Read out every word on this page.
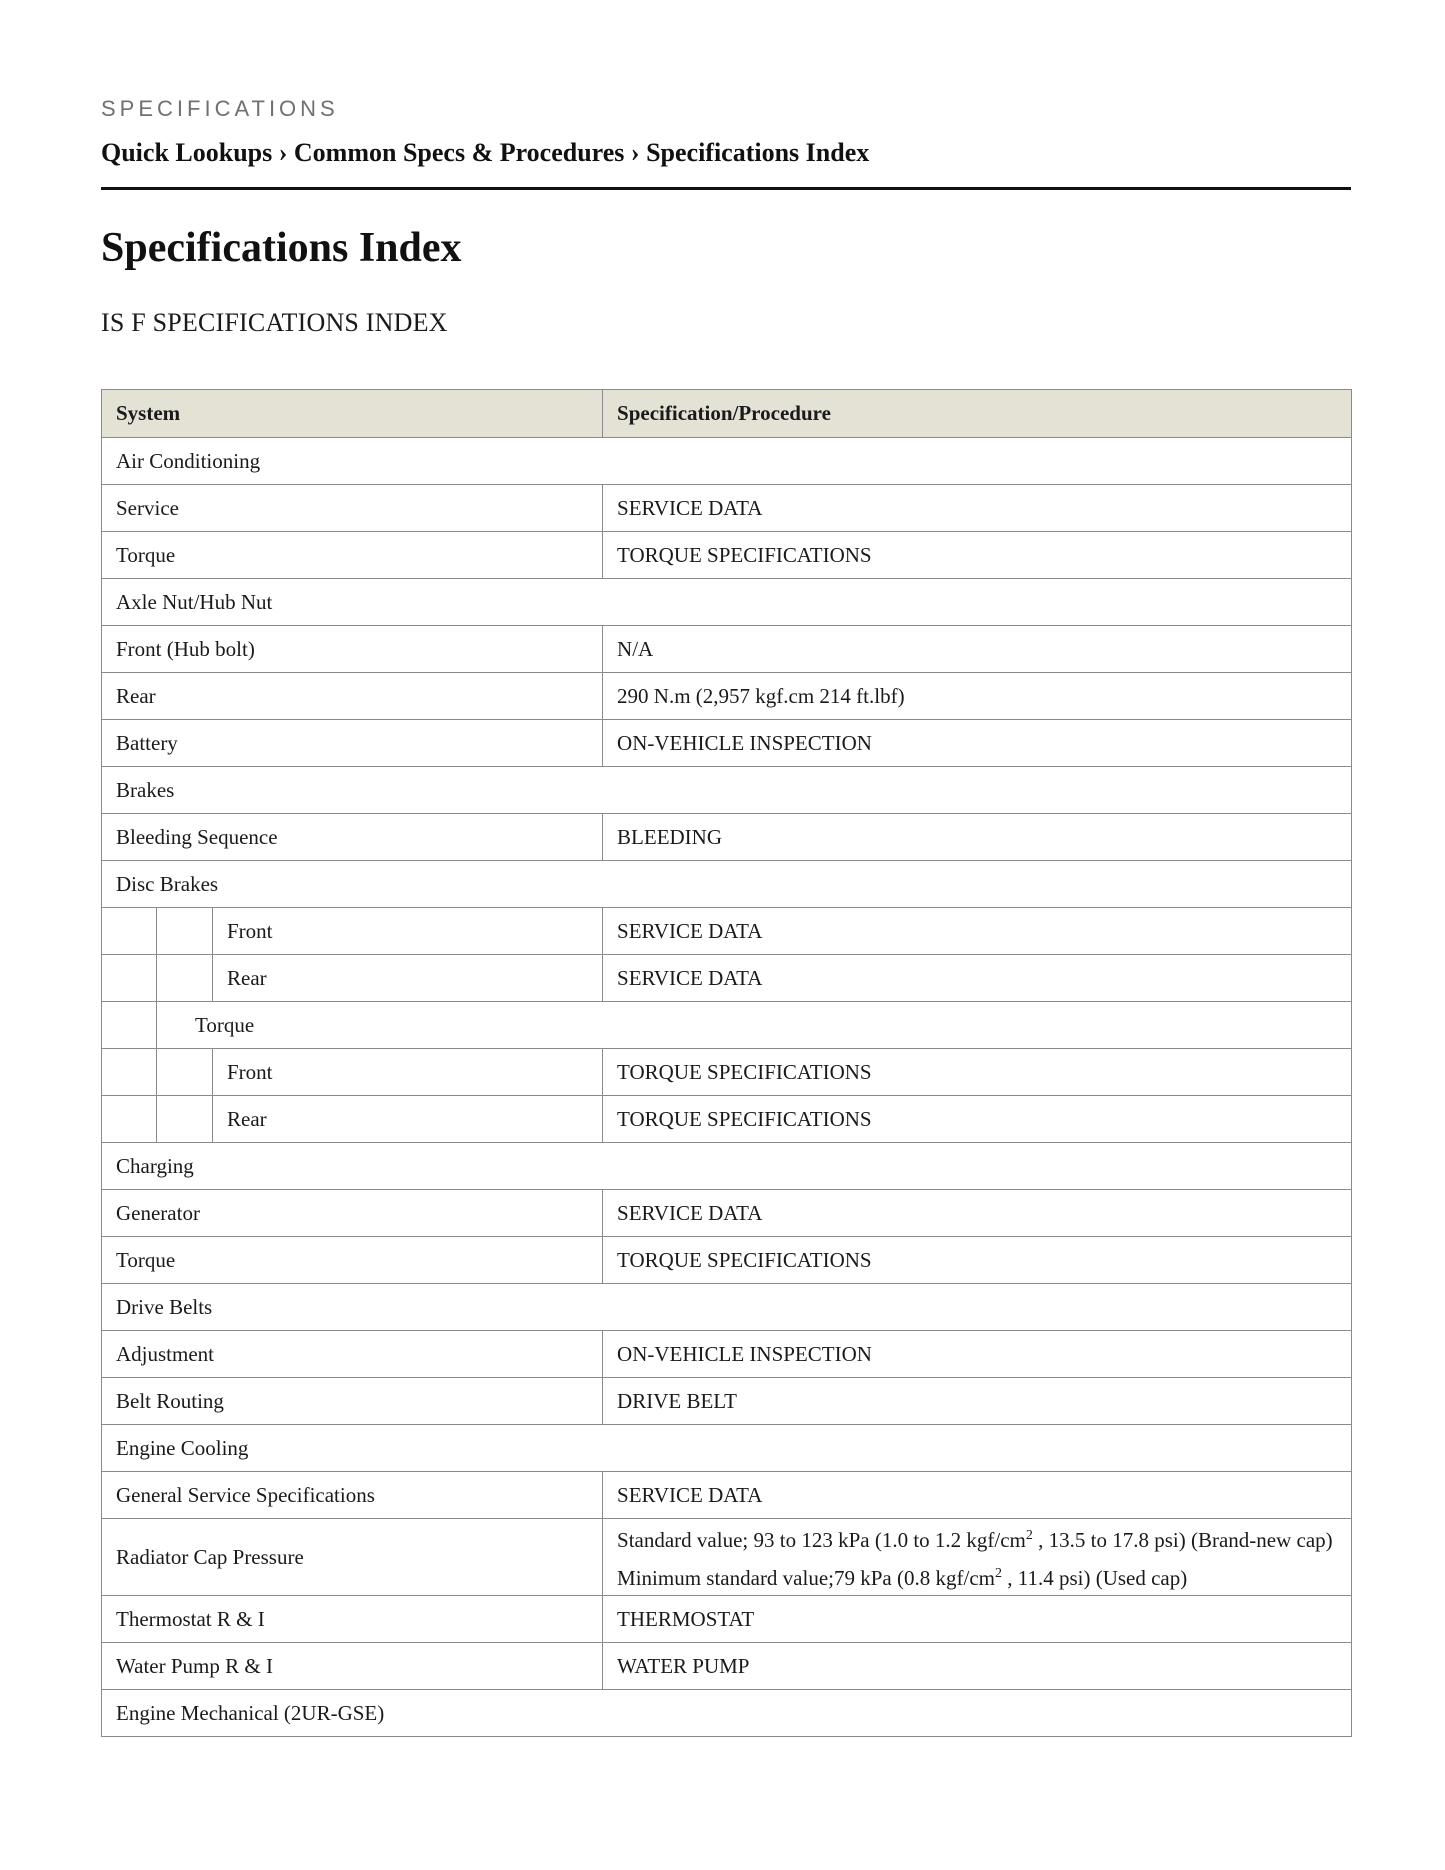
SPECIFICATIONS
Quick Lookups › Common Specs & Procedures › Specifications Index
Specifications Index
IS F SPECIFICATIONS INDEX
System			Specification/Procedure
Air Conditioning			
Service			SERVICE DATA
Torque			TORQUE SPECIFICATIONS
Axle Nut/Hub Nut			
Front (Hub bolt)			N/A
Rear			290 N.m (2,957 kgf.cm 214 ft.lbf)
Battery			ON-VEHICLE INSPECTION
Brakes			
Bleeding Sequence			BLEEDING
Disc Brakes			
		Front	SERVICE DATA
		Rear	SERVICE DATA
	Torque		
		Front	TORQUE SPECIFICATIONS
		Rear	TORQUE SPECIFICATIONS
Charging			
Generator			SERVICE DATA
Torque			TORQUE SPECIFICATIONS
Drive Belts			
Adjustment			ON-VEHICLE INSPECTION
Belt Routing			DRIVE BELT
Engine Cooling			
General Service Specifications			SERVICE DATA
Radiator Cap Pressure			Standard value; 93 to 123 kPa (1.0 to 1.2 kgf/$cm^2$ , 13.5 to 17.8 psi) (Brand-new cap)
Minimum standard value;79 kPa (0.8 kgf/$cm^2$ , 11.4 psi) (Used cap)

Thermostat R & I			THERMOSTAT
Water Pump R & I			WATER PUMP
Engine Mechanical (2UR-GSE)			
